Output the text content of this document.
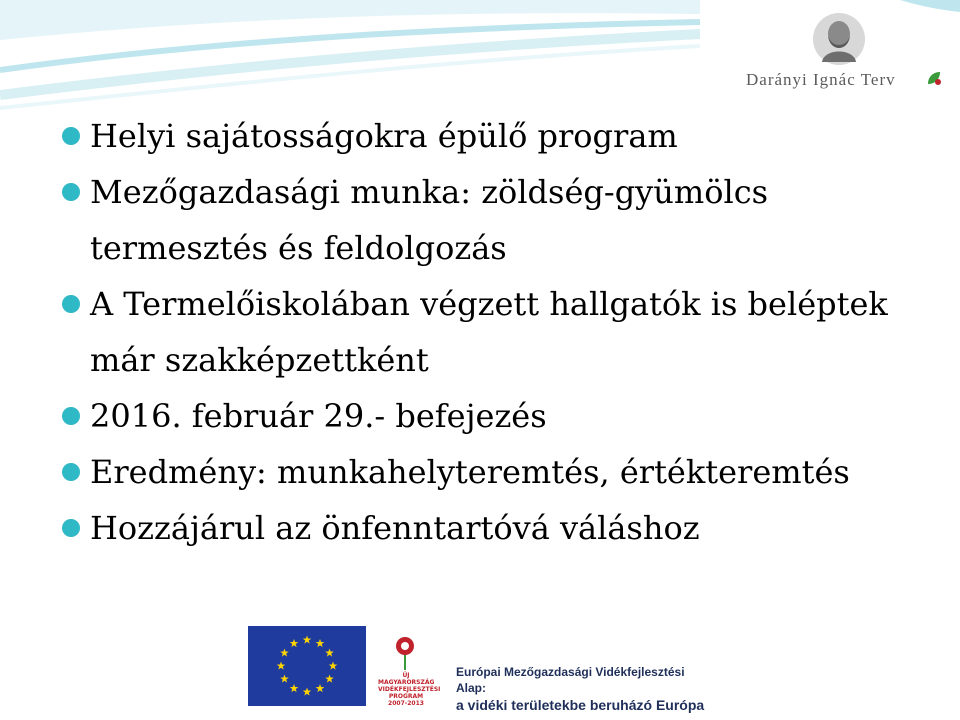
Darányi Ignác Terv
Helyi sajátosságokra épülő program
Mezőgazdasági munka: zöldség-gyümölcs termesztés és feldolgozás
A Termelőiskolában végzett hallgatók is beléptek már szakképzettként
2016. február 29.- befejezés
Eredmény: munkahelyteremtés, értékteremtés
Hozzájárul az önfenntartóvá váláshoz
ÚJ MAGYARORSZÁG
VIDÉKFEJLESZTÉSI PROGRAM
2007-2013
Európai Mezőgazdasági Vidékfejlesztési Alap:
a vidéki területekbe beruházó Európa
